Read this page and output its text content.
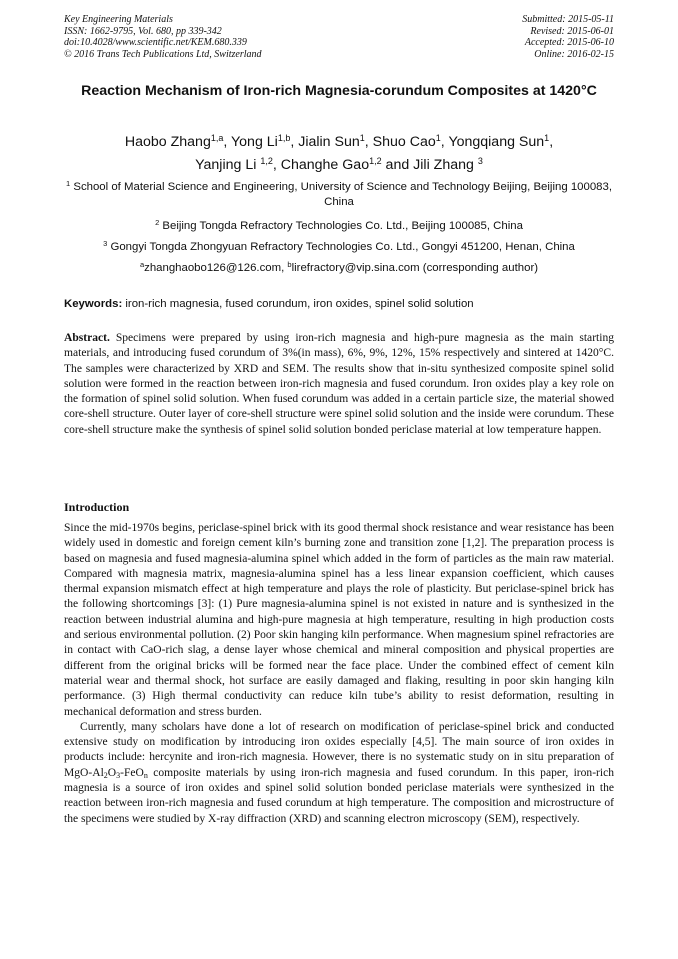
Key Engineering Materials
ISSN: 1662-9795, Vol. 680, pp 339-342
doi:10.4028/www.scientific.net/KEM.680.339
© 2016 Trans Tech Publications Ltd, Switzerland
Submitted: 2015-05-11
Revised: 2015-06-01
Accepted: 2015-06-10
Online: 2016-02-15
Reaction Mechanism of Iron-rich Magnesia-corundum Composites at 1420°C
Haobo Zhang$^{1,a}$, Yong Li$^{1,b}$, Jialin Sun$^1$, Shuo Cao$^1$, Yongqiang Sun$^1$,
Yanjing Li $^{1,2}$, Changhe Gao$^{1,2}$ and Jili Zhang $^3$
$^1$ School of Material Science and Engineering, University of Science and Technology Beijing, Beijing 100083, China
$^2$ Beijing Tongda Refractory Technologies Co. Ltd., Beijing 100085, China
$^3$ Gongyi Tongda Zhongyuan Refractory Technologies Co. Ltd., Gongyi 451200, Henan, China
$^a$zhanghaobo126@126.com, $^b$lirefractory@vip.sina.com (corresponding author)
Keywords: iron-rich magnesia, fused corundum, iron oxides, spinel solid solution
Abstract. Specimens were prepared by using iron-rich magnesia and high-pure magnesia as the main starting materials, and introducing fused corundum of 3%(in mass), 6%, 9%, 12%, 15% respectively and sintered at 1420°C. The samples were characterized by XRD and SEM. The results show that in-situ synthesized composite spinel solid solution were formed in the reaction between iron-rich magnesia and fused corundum. Iron oxides play a key role on the formation of spinel solid solution. When fused corundum was added in a certain particle size, the material showed core-shell structure. Outer layer of core-shell structure were spinel solid solution and the inside were corundum. These core-shell structure make the synthesis of spinel solid solution bonded periclase material at low temperature happen.
Introduction

Since the mid-1970s begins, periclase-spinel brick with its good thermal shock resistance and wear resistance has been widely used in domestic and foreign cement kiln’s burning zone and transition zone [1,2]. The preparation process is based on magnesia and fused magnesia-alumina spinel which added in the form of particles as the main raw material. Compared with magnesia matrix, magnesia-alumina spinel has a less linear expansion coefficient, which causes thermal expansion mismatch effect at high temperature and plays the role of plasticity. But periclase-spinel brick has the following shortcomings [3]: (1) Pure magnesia-alumina spinel is not existed in nature and is synthesized in the reaction between industrial alumina and high-pure magnesia at high temperature, resulting in high production costs and serious environmental pollution. (2) Poor skin hanging kiln performance. When magnesium spinel refractories are in contact with CaO-rich slag, a dense layer whose chemical and mineral composition and physical properties are different from the original bricks will be formed near the face place. Under the combined effect of cement kiln material wear and thermal shock, hot surface are easily damaged and flaking, resulting in poor skin hanging kiln performance. (3) High thermal conductivity can reduce kiln tube’s ability to resist deformation, resulting in mechanical deformation and stress burden.

Currently, many scholars have done a lot of research on modification of periclase-spinel brick and conducted extensive study on modification by introducing iron oxides especially [4,5]. The main source of iron oxides in products include: hercynite and iron-rich magnesia. However, there is no systematic study on in situ preparation of MgO-$Al_2O_3-FeO_n$ composite materials by using iron-rich magnesia and fused corundum. In this paper, iron-rich magnesia is a source of iron oxides and spinel solid solution bonded periclase materials were synthesized in the reaction between iron-rich magnesia and fused corundum at high temperature. The composition and microstructure of the specimens were studied by X-ray diffraction (XRD) and scanning electron microscopy (SEM), respectively.
